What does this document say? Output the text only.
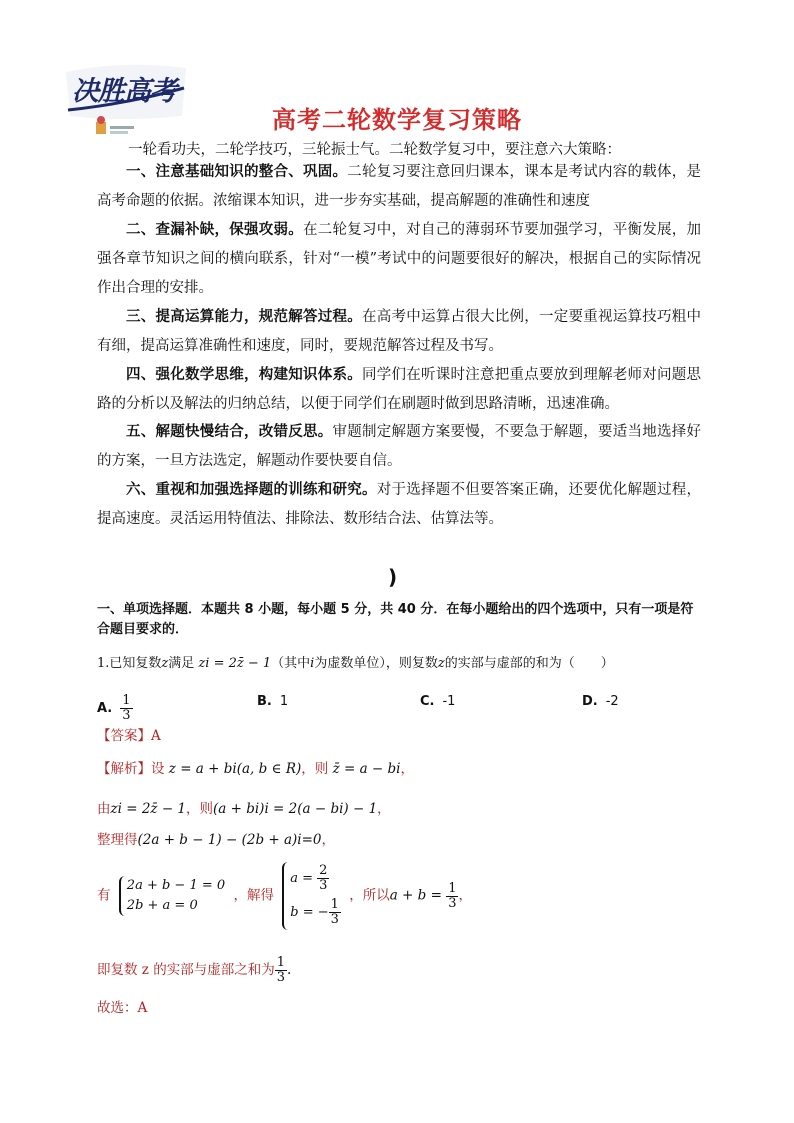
决胜高考
高考二轮数学复习策略
一轮看功夫，二轮学技巧，三轮振士气。二轮数学复习中，要注意六大策略：
一、注意基础知识的整合、巩固。二轮复习要注意回归课本，课本是考试内容的载体，是高考命题的依据。浓缩课本知识，进一步夯实基础，提高解题的准确性和速度
二、查漏补缺，保强攻弱。在二轮复习中，对自己的薄弱环节要加强学习，平衡发展，加强各章节知识之间的横向联系，针对“一模”考试中的问题要很好的解决，根据自己的实际情况作出合理的安排。
三、提高运算能力，规范解答过程。在高考中运算占很大比例，一定要重视运算技巧粗中有细，提高运算准确性和速度，同时，要规范解答过程及书写。
四、强化数学思维，构建知识体系。同学们在听课时注意把重点要放到理解老师对问题思路的分析以及解法的归纳总结，以便于同学们在刷题时做到思路清晰，迅速准确。
五、解题快慢结合，改错反思。审题制定解题方案要慢，不要急于解题，要适当地选择好的方案，一旦方法选定，解题动作要快要自信。
六、重视和加强选择题的训练和研究。对于选择题不但要答案正确，还要优化解题过程，提高速度。灵活运用特值法、排除法、数形结合法、估算法等。
)
一、单项选择题．本题共 8 小题，每小题 5 分，共 40 分．在每小题给出的四个选项中，只有一项是符合题目要求的．
1.已知复数z满足 zi = 2z̄ − 1（其中i为虚数单位），则复数z的实部与虚部的和为（　　）
A. $\frac{1}{3}$	B. 1	C. -1	D. -2
【答案】A
【解析】设 z = a + bi(a, b ∈ R)，则 z̄ = a − bi，
由zi = 2z̄ − 1，则(a + bi)i = 2(a − bi) − 1，
整理得(2a + b − 1) − (2b + a)i=0，
有
2a + b − 1 = 0
2b + a = 0
，解得
$a = \frac{2}{3}$
b = − $\frac{1}{3}$
，所以$a + b = \frac{1}{3}$ ，
即复数 z 的实部与虚部之和为 $\frac{1}{3}$ .
故选：A
